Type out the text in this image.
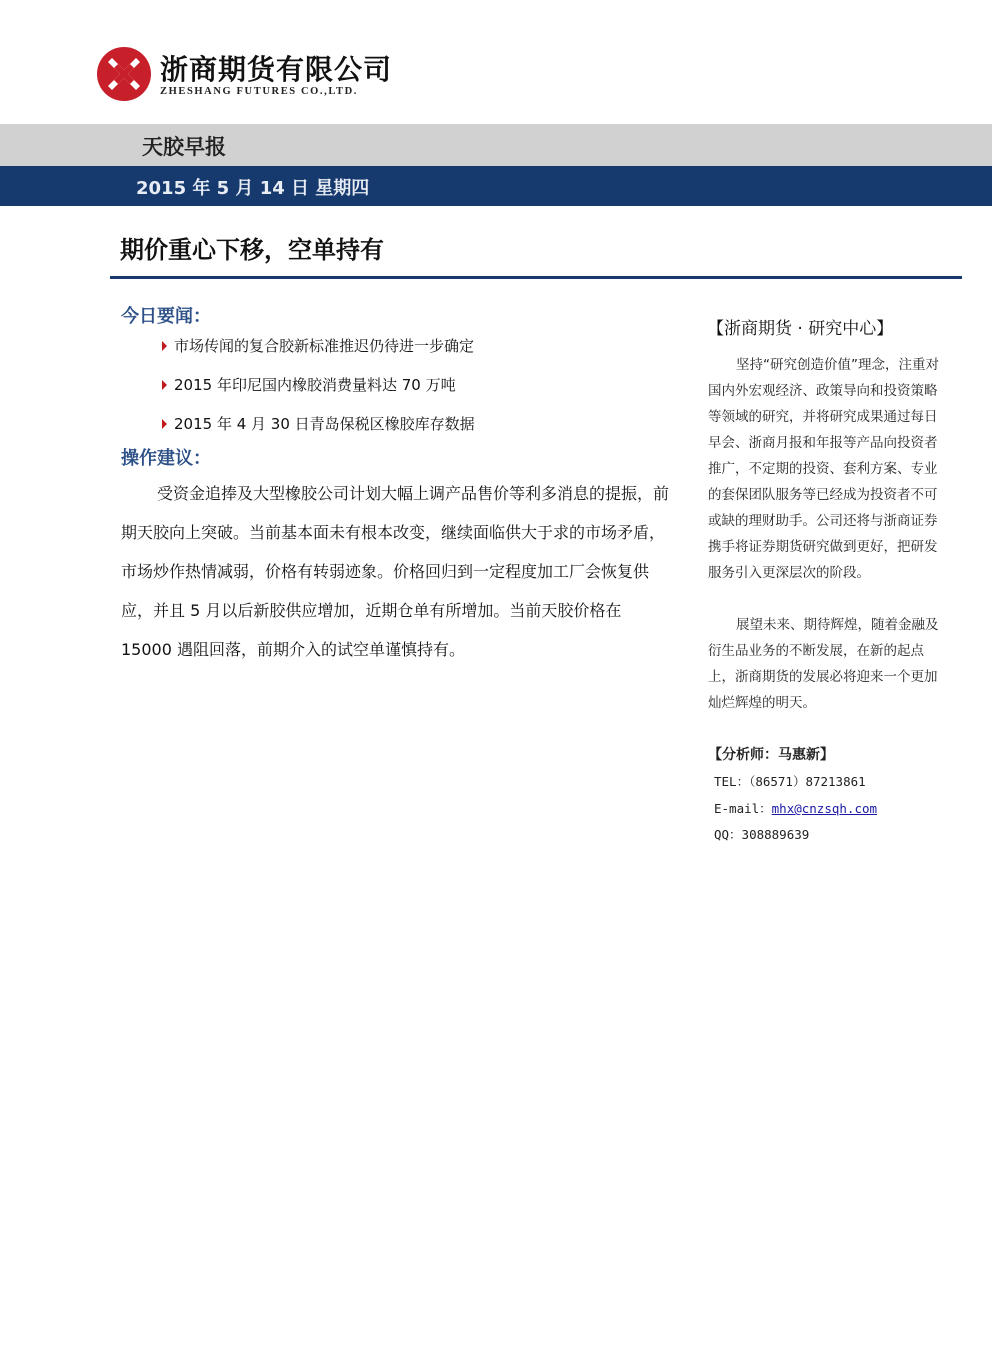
浙商期货有限公司
ZHESHANG FUTURES CO.,LTD.
天胶早报
2015 年 5 月 14 日 星期四
期价重心下移，空单持有
今日要闻：
市场传闻的复合胶新标准推迟仍待进一步确定
2015 年印尼国内橡胶消费量料达 70 万吨
2015 年 4 月 30 日青岛保税区橡胶库存数据
操作建议：

受资金追捧及大型橡胶公司计划大幅上调产品售价等利多消息的提振，前期天胶向上突破。当前基本面未有根本改变，继续面临供大于求的市场矛盾，市场炒作热情减弱，价格有转弱迹象。价格回归到一定程度加工厂会恢复供应，并且 5 月以后新胶供应增加，近期仓单有所增加。当前天胶价格在 15000 遇阻回落，前期介入的试空单谨慎持有。

【浙商期货 · 研究中心】

坚持“研究创造价值”理念，注重对国内外宏观经济、政策导向和投资策略等领域的研究，并将研究成果通过每日早会、浙商月报和年报等产品向投资者推广，不定期的投资、套利方案、专业的套保团队服务等已经成为投资者不可或缺的理财助手。公司还将与浙商证券携手将证券期货研究做到更好，把研发服务引入更深层次的阶段。

展望未来、期待辉煌，随着金融及衍生品业务的不断发展，在新的起点上，浙商期货的发展必将迎来一个更加灿烂辉煌的明天。

【分析师：马惠新】
TEL：（86571）87213861
E-mail：mhx@cnzsqh.com
QQ：308889639
